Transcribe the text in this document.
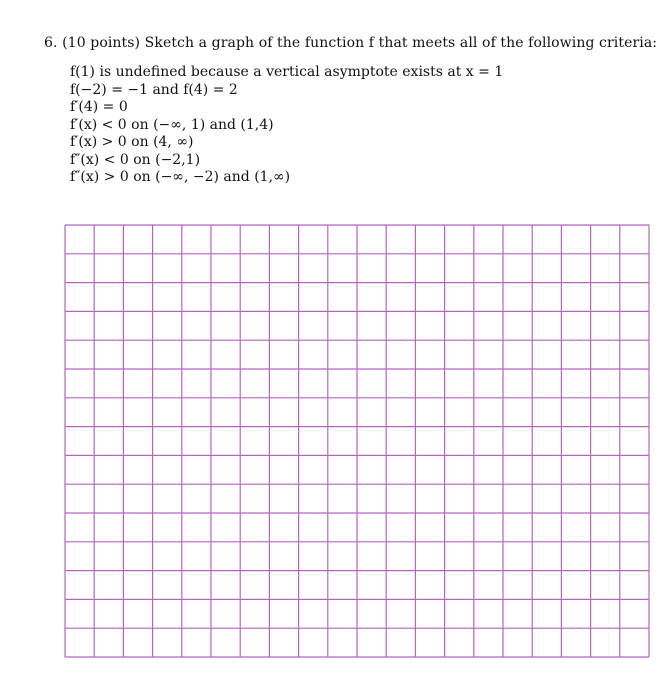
6. (10 points) Sketch a graph of the function f that meets all of the following criteria:
f(1) is undefined because a vertical asymptote exists at x = 1
f(−2) = −1 and f(4) = 2
f′(4) = 0
f′(x) < 0 on (−∞, 1) and (1,4)
f′(x) > 0 on (4, ∞)
f″(x) < 0 on (−2,1)
f″(x) > 0 on (−∞, −2) and (1,∞)
